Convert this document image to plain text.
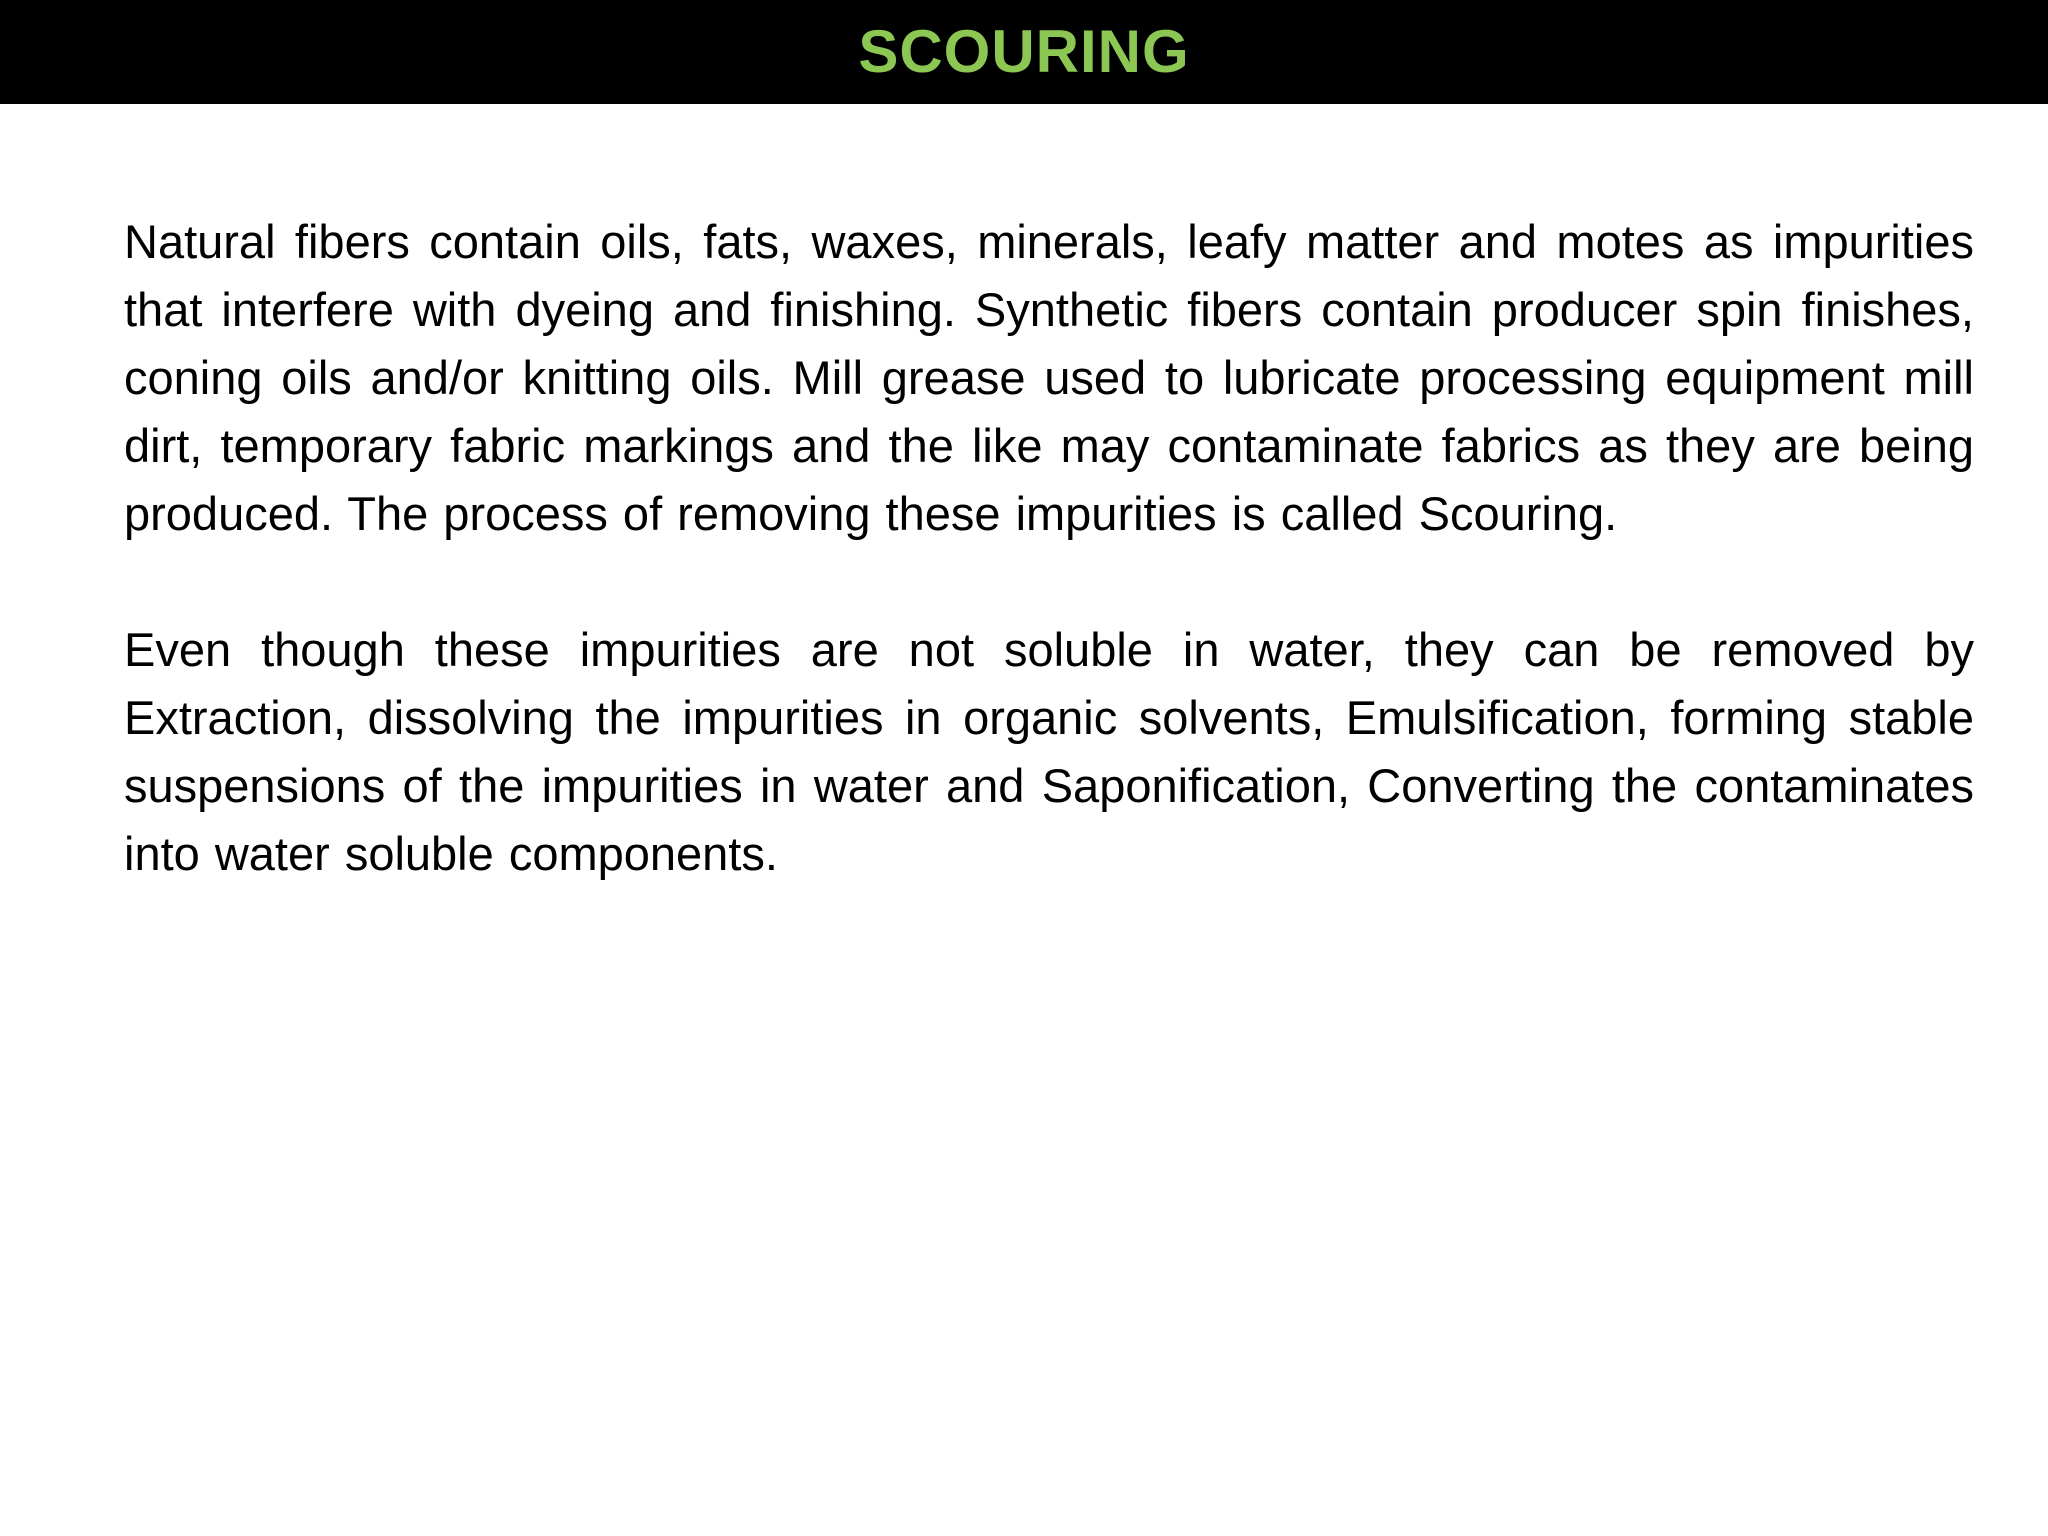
SCOURING

Natural fibers contain oils, fats, waxes, minerals, leafy matter and motes as impurities that interfere with dyeing and finishing. Synthetic fibers contain producer spin finishes, coning oils and/or knitting oils. Mill grease used to lubricate processing equipment mill dirt, temporary fabric markings and the like may contaminate fabrics as they are being produced. The process of removing these impurities is called Scouring.

Even though these impurities are not soluble in water, they can be removed by Extraction, dissolving the impurities in organic solvents, Emulsification, forming stable suspensions of the impurities in water and Saponification, Converting the contaminates into water soluble components.
